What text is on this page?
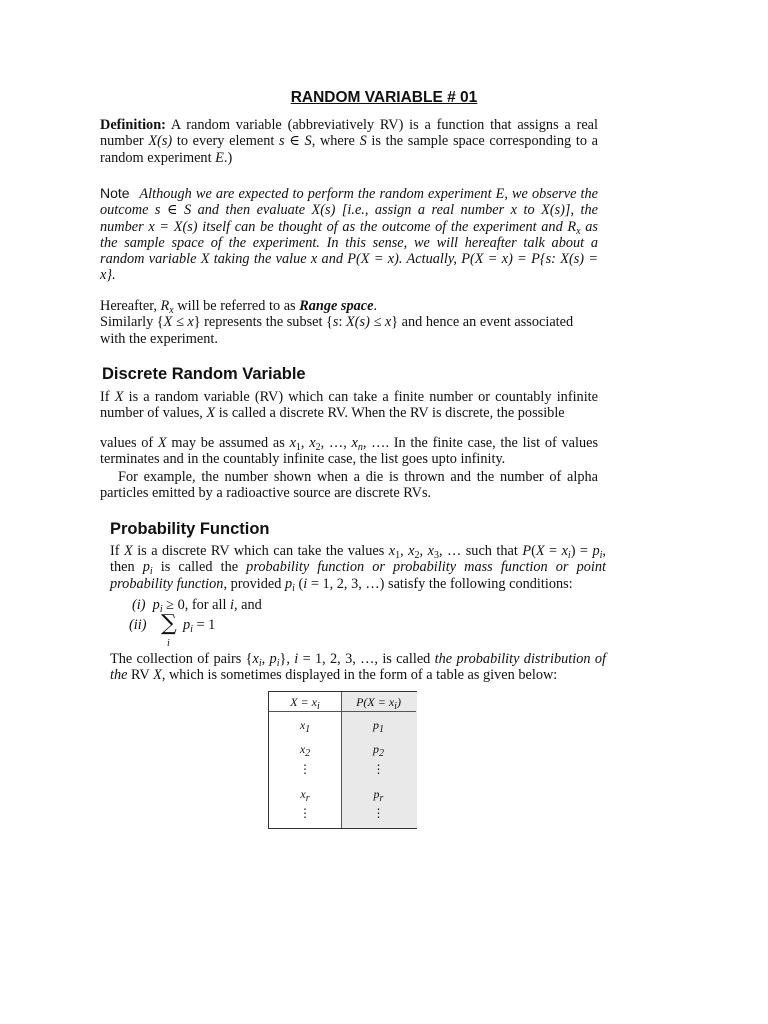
RANDOM VARIABLE # 01
Definition: A random variable (abbreviatively RV) is a function that assigns a real number X(s) to every element s ∈ S, where S is the sample space corresponding to a random experiment E.)
Note Although we are expected to perform the random experiment E, we observe the outcome s ∈ S and then evaluate X(s) [i.e., assign a real number x to X(s)], the number x = X(s) itself can be thought of as the outcome of the experiment and $R_x$ as the sample space of the experiment. In this sense, we will hereafter talk about a random variable X taking the value x and P(X = x). Actually, P(X = x) = P{s: X(s) = x}.
Hereafter, $R_x$ will be referred to as Range space.
Similarly {X ≤ x} represents the subset {s: X(s) ≤ x} and hence an event associated with the experiment.
Discrete Random Variable
If X is a random variable (RV) which can take a finite number or countably infinite number of values, X is called a discrete RV. When the RV is discrete, the possible
values of X may be assumed as $x_1$, $x_2$, …, $x_n$, …. In the finite case, the list of values terminates and in the countably infinite case, the list goes upto infinity.
For example, the number shown when a die is thrown and the number of alpha particles emitted by a radioactive source are discrete RVs.
Probability Function
If X is a discrete RV which can take the values $x_1$, $x_2$, $x_3$, … such that $P(X = x_i) = p_i$, then $p_i$ is called the probability function or probability mass function or point probability function, provided $p_i$ (i = 1, 2, 3, …) satisfy the following conditions:
(i) $p_i \ge 0$, for all i, and
(ii) ∑
i
$p_i = 1$
The collection of pairs {$x_i$, $p_i$}, i = 1, 2, 3, …, is called the probability distribution of the RV X, which is sometimes displayed in the form of a table as given below:
$X = x_i$	$P(X = x_i)$
$x_1$	$p_1$
$x_2$	$p_2$
⋮	⋮
$x_r$	$p_r$
⋮	⋮
